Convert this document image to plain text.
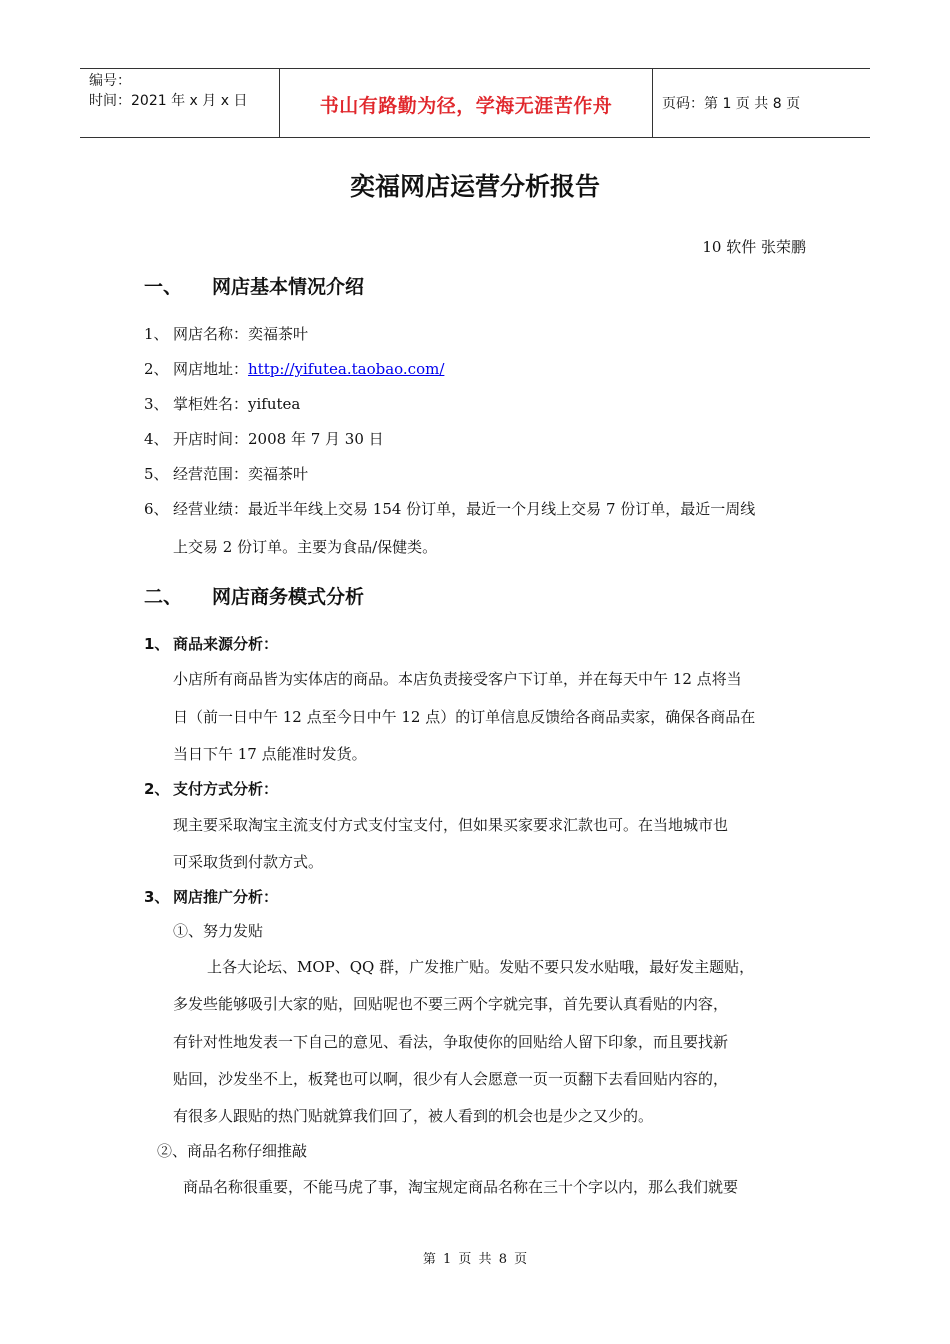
编号：
时间：2021 年 x 月 x 日	书山有路勤为径，学海无涯苦作舟	页码：第 1 页 共 8 页
奕福网店运营分析报告
10 软件 张荣鹏
一、	网店基本情况介绍
1、 网店名称：奕福茶叶
2、 网店地址：http://yifutea.taobao.com/
3、 掌柜姓名：yifutea
4、 开店时间：2008 年 7 月 30 日
5、 经营范围：奕福茶叶
6、 经营业绩：最近半年线上交易 154 份订单，最近一个月线上交易 7 份订单，最近一周线
上交易 2 份订单。主要为食品/保健类。
二、	网店商务模式分析
1、 商品来源分析：
小店所有商品皆为实体店的商品。本店负责接受客户下订单，并在每天中午 12 点将当
日（前一日中午 12 点至今日中午 12 点）的订单信息反馈给各商品卖家，确保各商品在
当日下午 17 点能准时发货。
2、 支付方式分析：
现主要采取淘宝主流支付方式支付宝支付，但如果买家要求汇款也可。在当地城市也
可采取货到付款方式。
3、 网店推广分析：
①、努力发贴
上各大论坛、MOP、QQ 群，广发推广贴。发贴不要只发水贴哦，最好发主题贴，
多发些能够吸引大家的贴，回贴呢也不要三两个字就完事，首先要认真看贴的内容，
有针对性地发表一下自己的意见、看法，争取使你的回贴给人留下印象，而且要找新
贴回，沙发坐不上，板凳也可以啊，很少有人会愿意一页一页翻下去看回贴内容的，
有很多人跟贴的热门贴就算我们回了，被人看到的机会也是少之又少的。
②、商品名称仔细推敲
商品名称很重要，不能马虎了事，淘宝规定商品名称在三十个字以内，那么我们就要
第 1 页 共 8 页
